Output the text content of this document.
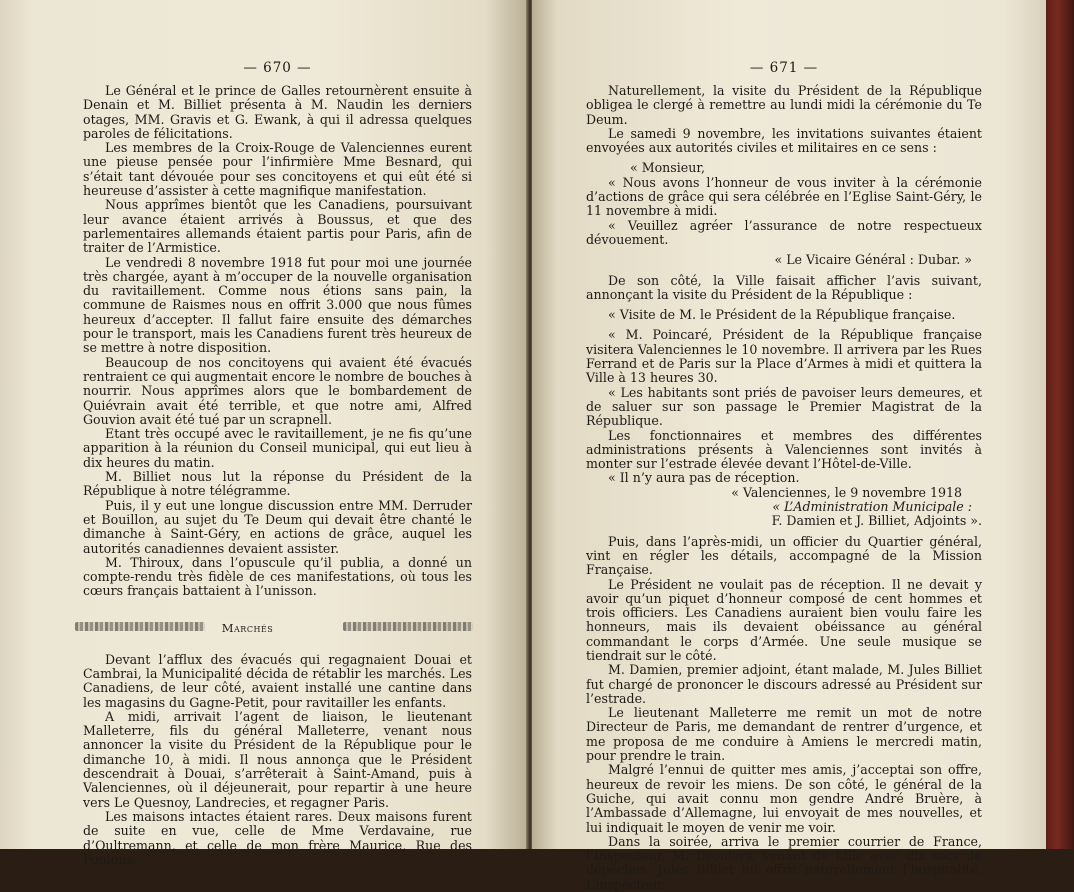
— 670 —

Le Général et le prince de Galles retournèrent ensuite à Denain et M. Billiet présenta à M. Naudin les derniers otages, MM. Gravis et G. Ewank, à qui il adressa quelques paroles de félicitations.

Les membres de la Croix-Rouge de Valenciennes eurent une pieuse pensée pour l’infirmière Mme Besnard, qui s’était tant dévouée pour ses concitoyens et qui eût été si heureuse d’assister à cette magnifique manifestation.

Nous apprîmes bientôt que les Canadiens, poursuivant leur avance étaient arrivés à Boussus, et que des parlementaires allemands étaient partis pour Paris, afin de traiter de l’Armistice.

Le vendredi 8 novembre 1918 fut pour moi une journée très chargée, ayant à m’occuper de la nouvelle organisation du ravitaillement. Comme nous étions sans pain, la commune de Raismes nous en offrit 3.000 que nous fûmes heureux d’accepter. Il fallut faire ensuite des démarches pour le transport, mais les Canadiens furent très heureux de se mettre à notre disposition.

Beaucoup de nos concitoyens qui avaient été évacués rentraient ce qui augmentait encore le nombre de bouches à nourrir. Nous apprîmes alors que le bombardement de Quiévrain avait été terrible, et que notre ami, Alfred Gouvion avait été tué par un scrapnell.

Etant très occupé avec le ravitaillement, je ne fis qu’une apparition à la réunion du Conseil municipal, qui eut lieu à dix heures du matin.

M. Billiet nous lut la réponse du Président de la République à notre télégramme.

Puis, il y eut une longue discussion entre MM. Derruder et Bouillon, au sujet du Te Deum qui devait être chanté le dimanche à Saint-Géry, en actions de grâce, auquel les autorités canadiennes devaient assister.

M. Thiroux, dans l’opuscule qu’il publia, a donné un compte-rendu très fidèle de ces manifestations, où tous les cœurs français battaient à l’unisson.

Marchés

Devant l’afflux des évacués qui regagnaient Douai et Cambrai, la Municipalité décida de rétablir les marchés. Les Canadiens, de leur côté, avaient installé une cantine dans les magasins du Gagne-Petit, pour ravitailler les enfants.

A midi, arrivait l’agent de liaison, le lieutenant Malleterre, fils du général Malleterre, venant nous annoncer la visite du Président de la République pour le dimanche 10, à midi. Il nous annonça que le Président descendrait à Douai, s’arrêterait à Saint-Amand, puis à Valenciennes, où il déjeunerait, pour repartir à une heure vers Le Quesnoy, Landrecies, et regagner Paris.

Les maisons intactes étaient rares. Deux maisons furent de suite en vue, celle de Mme Verdavaine, rue d’Oultremann, et celle de mon frère Maurice, Rue des Foulons.

— 671 —

Naturellement, la visite du Président de la République obligea le clergé à remettre au lundi midi la cérémonie du Te Deum.

Le samedi 9 novembre, les invitations suivantes étaient envoyées aux autorités civiles et militaires en ce sens :

« Monsieur,

« Nous avons l’honneur de vous inviter à la cérémonie d’actions de grâce qui sera célébrée en l’Eglise Saint-Géry, le 11 novembre à midi.

« Veuillez agréer l’assurance de notre respectueux dévouement.

« Le Vicaire Général : Dubar. »

De son côté, la Ville faisait afficher l’avis suivant, annonçant la visite du Président de la République :

« Visite de M. le Président de la République française.

« M. Poincaré, Président de la République française visitera Valenciennes le 10 novembre. Il arrivera par les Rues Ferrand et de Paris sur la Place d’Armes à midi et quittera la Ville à 13 heures 30.

« Les habitants sont priés de pavoiser leurs demeures, et de saluer sur son passage le Premier Magistrat de la République.

Les fonctionnaires et membres des différentes administrations présents à Valenciennes sont invités à monter sur l’estrade élevée devant l’Hôtel-de-Ville.

« Il n’y aura pas de réception.

« Valenciennes, le 9 novembre 1918

« L’Administration Municipale :

F. Damien et J. Billiet, Adjoints ».

Puis, dans l’après-midi, un officier du Quartier général, vint en régler les détails, accompagné de la Mission Française.

Le Président ne voulait pas de réception. Il ne devait y avoir qu’un piquet d’honneur composé de cent hommes et trois officiers. Les Canadiens auraient bien voulu faire les honneurs, mais ils devaient obéissance au général commandant le corps d’Armée. Une seule musique se tiendrait sur le côté.

M. Damien, premier adjoint, étant malade, M. Jules Billiet fut chargé de prononcer le discours adressé au Président sur l’estrade.

Le lieutenant Malleterre me remit un mot de notre Directeur de Paris, me demandant de rentrer d’urgence, et me proposa de me conduire à Amiens le mercredi matin, pour prendre le train.

Malgré l’ennui de quitter mes amis, j’acceptai son offre, heureux de revoir les miens. De son côté, le général de la Guiche, qui avait connu mon gendre André Bruère, à l’Ambassade d’Allemagne, lui envoyait de mes nouvelles, et lui indiquait le moyen de venir me voir.

Dans la soirée, arriva le premier courrier de France, l’Inspecteur, M. Droulers, venant de Lille avec dix sacs de dépêches. Jules Billiet lui offrit naturellement l’hospitalité. L’inspecteur
